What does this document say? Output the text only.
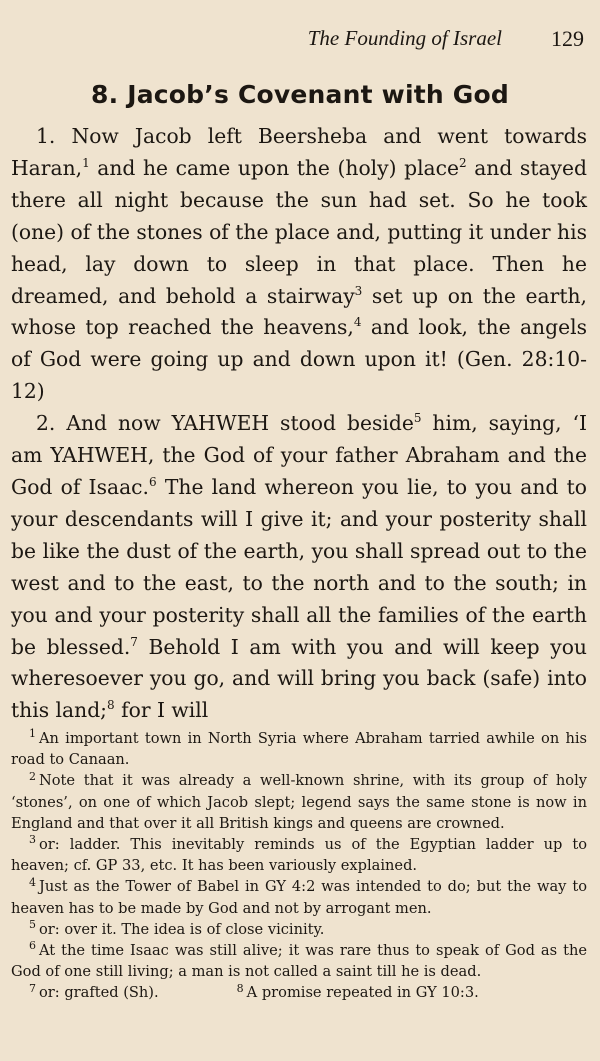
The Founding of Israel 129
8. Jacob’s Covenant with God

1. Now Jacob left Beersheba and went towards Haran,$^1$ and he came upon the (holy) place$^2$ and stayed there all night because the sun had set. So he took (one) of the stones of the place and, putting it under his head, lay down to sleep in that place. Then he dreamed, and behold a stairway$^3$ set up on the earth, whose top reached the heavens,$^4$ and look, the angels of God were going up and down upon it! (Gen. 28:10-12)

2. And now YAHWEH stood beside$^5$ him, saying, ‘I am YAHWEH, the God of your father Abraham and the God of Isaac.$^6$ The land whereon you lie, to you and to your descendants will I give it; and your posterity shall be like the dust of the earth, you shall spread out to the west and to the east, to the north and to the south; in you and your posterity shall all the families of the earth be blessed.$^7$ Behold I am with you and will keep you wheresoever you go, and will bring you back (safe) into this land;$^8$ for I will

$^1$ An important town in North Syria where Abraham tarried awhile on his road to Canaan.

$^2$ Note that it was already a well-known shrine, with its group of holy ‘stones’, on one of which Jacob slept; legend says the same stone is now in England and that over it all British kings and queens are crowned.

$^3$ or: ladder. This inevitably reminds us of the Egyptian ladder up to heaven; cf. GP 33, etc. It has been variously explained.

$^4$ Just as the Tower of Babel in GY 4:2 was intended to do; but the way to heaven has to be made by God and not by arrogant men.

$^5$ or: over it. The idea is of close vicinity.

$^6$ At the time Isaac was still alive; it was rare thus to speak of God as the God of one still living; a man is not called a saint till he is dead.

$^7$ or: grafted (Sh).	$^8$ A promise repeated in GY 10:3.
